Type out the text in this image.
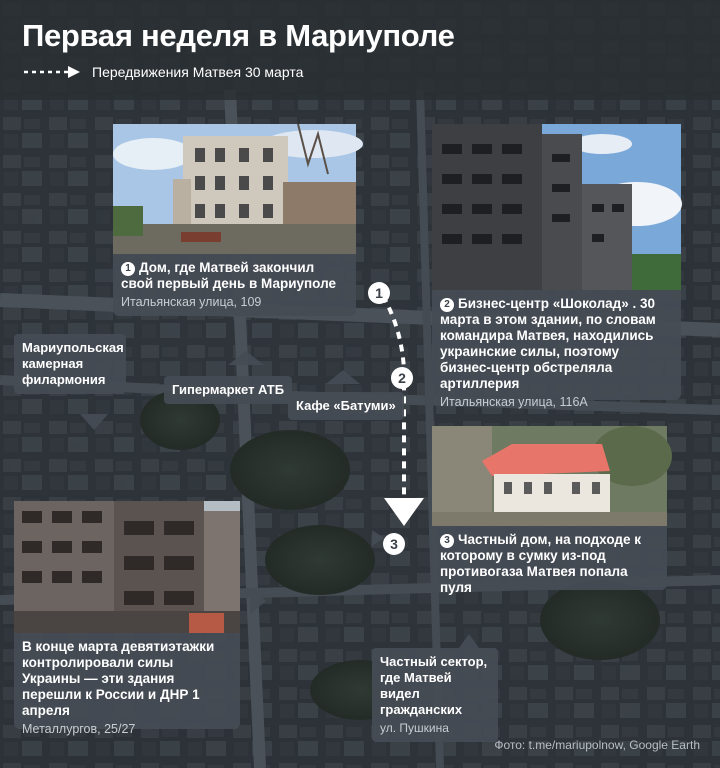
Первая неделя в Мариуполе
Передвижения Матвея 30 марта
1
2
3
1 Дом, где Матвей закончил свой первый день в Мариуполе
Итальянская улица, 109	2 Бизнес-центр «Шоколад» . 30 марта в этом здании, по словам командира Матвея, находились украинские силы, поэтому бизнес-центр обстреляла артиллерия
Итальянская улица, 116А
3 Частный дом, на подходе к которому в сумку из-под противогаза Матвея попала пуля
В конце марта девятиэтажки контролировали силы Украины — эти здания перешли к России и ДНР 1 апреля
Металлургов, 25/27
Мариупольская камерная филармония
Гипермаркет АТБ
Кафе «Батуми»
Частный сектор, где Матвей видел гражданских
ул. Пушкина
Фото: t.me/mariupolnow, Google Earth
